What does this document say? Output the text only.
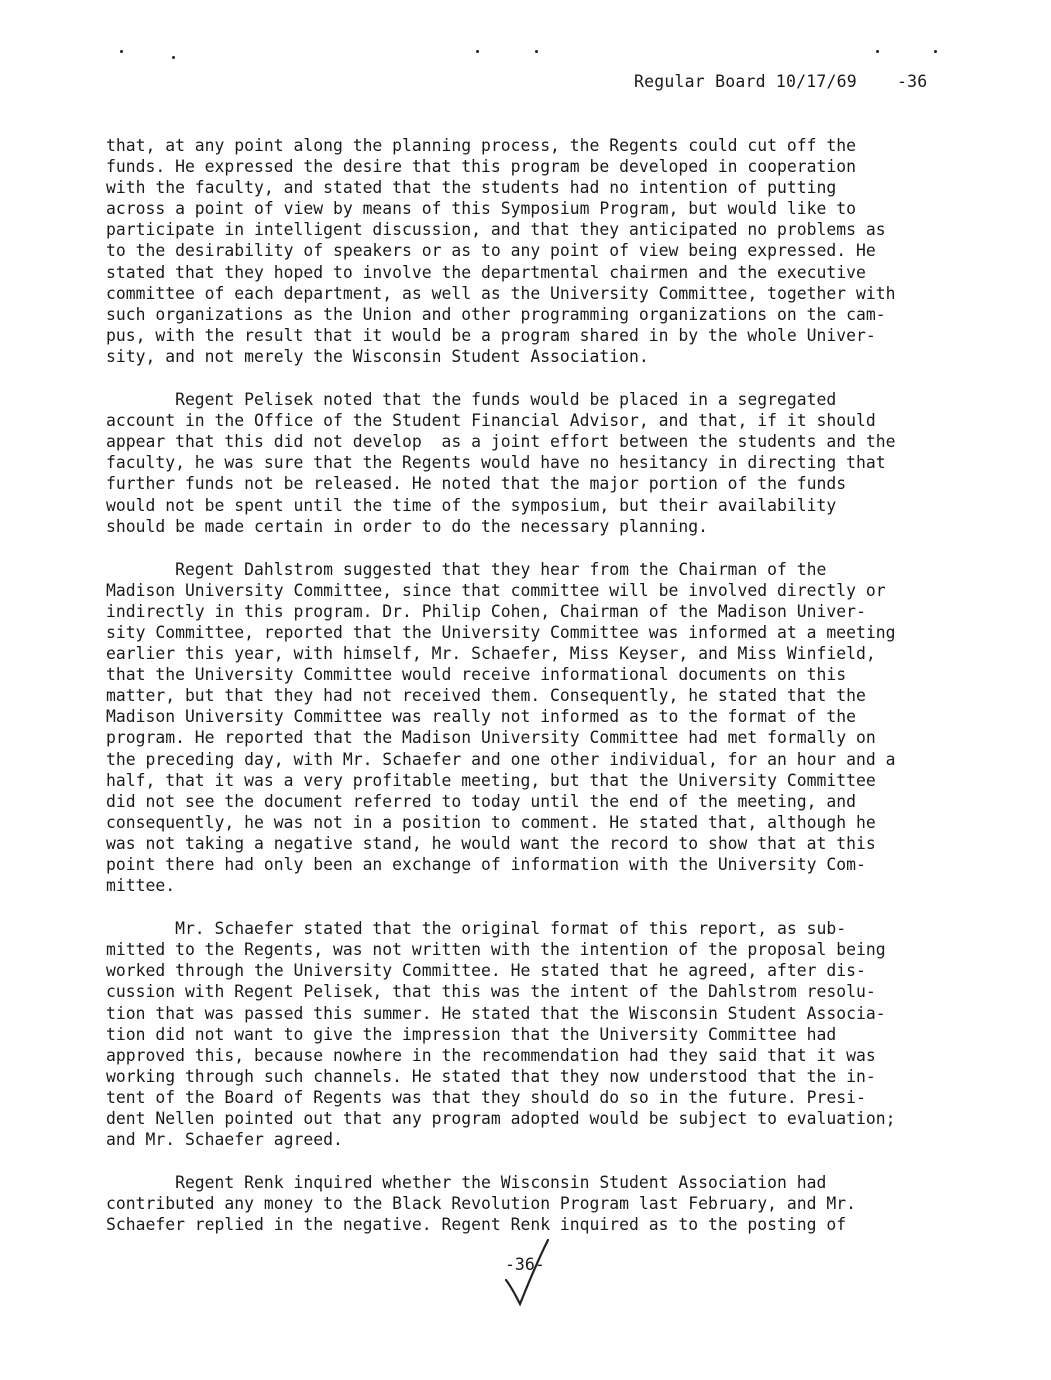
Regular Board 10/17/69 -36
that, at any point along the planning process, the Regents could cut off the
funds. He expressed the desire that this program be developed in cooperation
with the faculty, and stated that the students had no intention of putting
across a point of view by means of this Symposium Program, but would like to
participate in intelligent discussion, and that they anticipated no problems as
to the desirability of speakers or as to any point of view being expressed. He
stated that they hoped to involve the departmental chairmen and the executive
committee of each department, as well as the University Committee, together with
such organizations as the Union and other programming organizations on the cam-
pus, with the result that it would be a program shared in by the whole Univer-
sity, and not merely the Wisconsin Student Association.
Regent Pelisek noted that the funds would be placed in a segregated
account in the Office of the Student Financial Advisor, and that, if it should
appear that this did not develop  as a joint effort between the students and the
faculty, he was sure that the Regents would have no hesitancy in directing that
further funds not be released. He noted that the major portion of the funds
would not be spent until the time of the symposium, but their availability
should be made certain in order to do the necessary planning.
Regent Dahlstrom suggested that they hear from the Chairman of the
Madison University Committee, since that committee will be involved directly or
indirectly in this program. Dr. Philip Cohen, Chairman of the Madison Univer-
sity Committee, reported that the University Committee was informed at a meeting
earlier this year, with himself, Mr. Schaefer, Miss Keyser, and Miss Winfield,
that the University Committee would receive informational documents on this
matter, but that they had not received them. Consequently, he stated that the
Madison University Committee was really not informed as to the format of the
program. He reported that the Madison University Committee had met formally on
the preceding day, with Mr. Schaefer and one other individual, for an hour and a
half, that it was a very profitable meeting, but that the University Committee
did not see the document referred to today until the end of the meeting, and
consequently, he was not in a position to comment. He stated that, although he
was not taking a negative stand, he would want the record to show that at this
point there had only been an exchange of information with the University Com-
mittee.
Mr. Schaefer stated that the original format of this report, as sub-
mitted to the Regents, was not written with the intention of the proposal being
worked through the University Committee. He stated that he agreed, after dis-
cussion with Regent Pelisek, that this was the intent of the Dahlstrom resolu-
tion that was passed this summer. He stated that the Wisconsin Student Associa-
tion did not want to give the impression that the University Committee had
approved this, because nowhere in the recommendation had they said that it was
working through such channels. He stated that they now understood that the in-
tent of the Board of Regents was that they should do so in the future. Presi-
dent Nellen pointed out that any program adopted would be subject to evaluation;
and Mr. Schaefer agreed.
Regent Renk inquired whether the Wisconsin Student Association had
contributed any money to the Black Revolution Program last February, and Mr.
Schaefer replied in the negative. Regent Renk inquired as to the posting of
-36-
